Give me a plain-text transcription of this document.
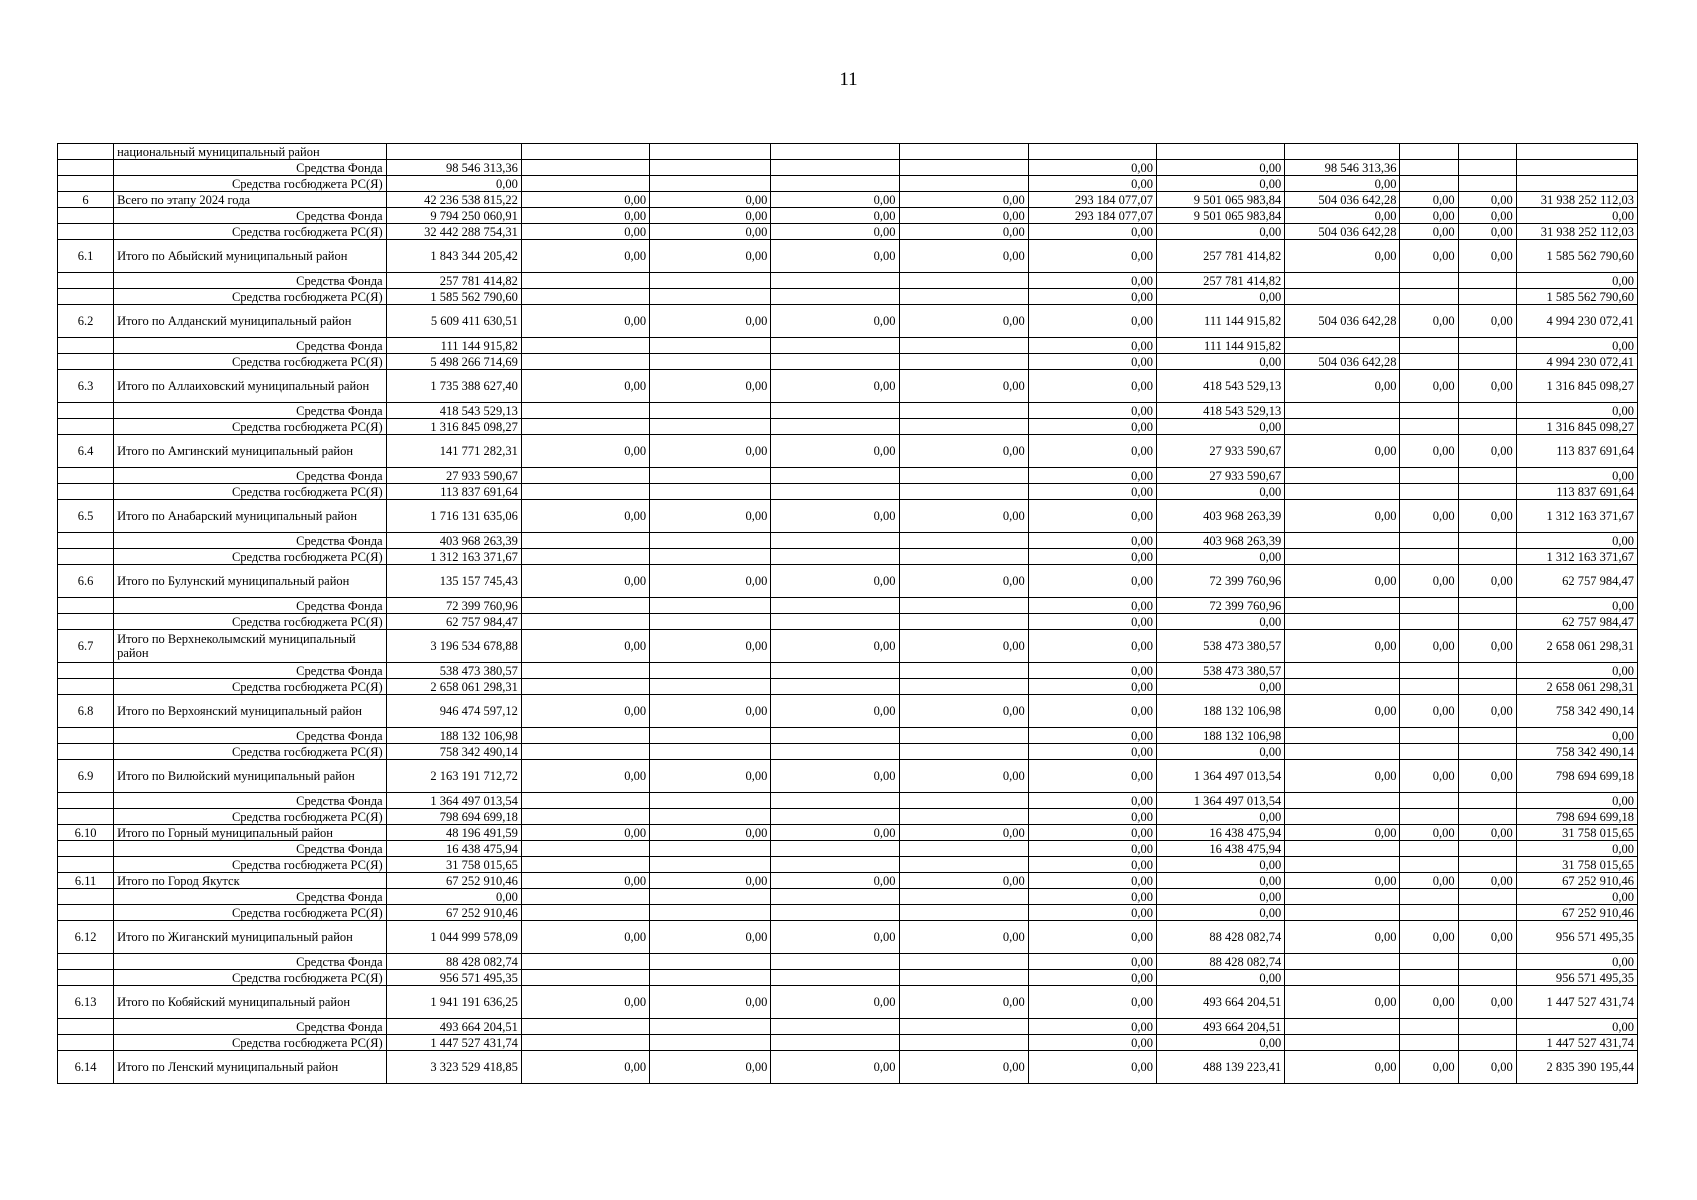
11
	национальный муниципальный район											
	Средства Фонда	98 546 313,36					0,00	0,00	98 546 313,36			
	Средства госбюджета РС(Я)	0,00					0,00	0,00	0,00			
6	Всего по этапу 2024 года	42 236 538 815,22	0,00	0,00	0,00	0,00	293 184 077,07	9 501 065 983,84	504 036 642,28	0,00	0,00	31 938 252 112,03
	Средства Фонда	9 794 250 060,91	0,00	0,00	0,00	0,00	293 184 077,07	9 501 065 983,84	0,00	0,00	0,00	0,00
	Средства госбюджета РС(Я)	32 442 288 754,31	0,00	0,00	0,00	0,00	0,00	0,00	504 036 642,28	0,00	0,00	31 938 252 112,03
6.1	Итого по Абыйский муниципальный район	1 843 344 205,42	0,00	0,00	0,00	0,00	0,00	257 781 414,82	0,00	0,00	0,00	1 585 562 790,60
	Средства Фонда	257 781 414,82					0,00	257 781 414,82				0,00
	Средства госбюджета РС(Я)	1 585 562 790,60					0,00	0,00				1 585 562 790,60
6.2	Итого по Алданский муниципальный район	5 609 411 630,51	0,00	0,00	0,00	0,00	0,00	111 144 915,82	504 036 642,28	0,00	0,00	4 994 230 072,41
	Средства Фонда	111 144 915,82					0,00	111 144 915,82				0,00
	Средства госбюджета РС(Я)	5 498 266 714,69					0,00	0,00	504 036 642,28			4 994 230 072,41
6.3	Итого по Аллаиховский муниципальный район	1 735 388 627,40	0,00	0,00	0,00	0,00	0,00	418 543 529,13	0,00	0,00	0,00	1 316 845 098,27
	Средства Фонда	418 543 529,13					0,00	418 543 529,13				0,00
	Средства госбюджета РС(Я)	1 316 845 098,27					0,00	0,00				1 316 845 098,27
6.4	Итого по Амгинский муниципальный район	141 771 282,31	0,00	0,00	0,00	0,00	0,00	27 933 590,67	0,00	0,00	0,00	113 837 691,64
	Средства Фонда	27 933 590,67					0,00	27 933 590,67				0,00
	Средства госбюджета РС(Я)	113 837 691,64					0,00	0,00				113 837 691,64
6.5	Итого по Анабарский муниципальный район	1 716 131 635,06	0,00	0,00	0,00	0,00	0,00	403 968 263,39	0,00	0,00	0,00	1 312 163 371,67
	Средства Фонда	403 968 263,39					0,00	403 968 263,39				0,00
	Средства госбюджета РС(Я)	1 312 163 371,67					0,00	0,00				1 312 163 371,67
6.6	Итого по Булунский муниципальный район	135 157 745,43	0,00	0,00	0,00	0,00	0,00	72 399 760,96	0,00	0,00	0,00	62 757 984,47
	Средства Фонда	72 399 760,96					0,00	72 399 760,96				0,00
	Средства госбюджета РС(Я)	62 757 984,47					0,00	0,00				62 757 984,47
6.7	Итого по Верхнеколымский муниципальный район	3 196 534 678,88	0,00	0,00	0,00	0,00	0,00	538 473 380,57	0,00	0,00	0,00	2 658 061 298,31
	Средства Фонда	538 473 380,57					0,00	538 473 380,57				0,00
	Средства госбюджета РС(Я)	2 658 061 298,31					0,00	0,00				2 658 061 298,31
6.8	Итого по Верхоянский муниципальный район	946 474 597,12	0,00	0,00	0,00	0,00	0,00	188 132 106,98	0,00	0,00	0,00	758 342 490,14
	Средства Фонда	188 132 106,98					0,00	188 132 106,98				0,00
	Средства госбюджета РС(Я)	758 342 490,14					0,00	0,00				758 342 490,14
6.9	Итого по Вилюйский муниципальный район	2 163 191 712,72	0,00	0,00	0,00	0,00	0,00	1 364 497 013,54	0,00	0,00	0,00	798 694 699,18
	Средства Фонда	1 364 497 013,54					0,00	1 364 497 013,54				0,00
	Средства госбюджета РС(Я)	798 694 699,18					0,00	0,00				798 694 699,18
6.10	Итого по Горный муниципальный район	48 196 491,59	0,00	0,00	0,00	0,00	0,00	16 438 475,94	0,00	0,00	0,00	31 758 015,65
	Средства Фонда	16 438 475,94					0,00	16 438 475,94				0,00
	Средства госбюджета РС(Я)	31 758 015,65					0,00	0,00				31 758 015,65
6.11	Итого по Город Якутск	67 252 910,46	0,00	0,00	0,00	0,00	0,00	0,00	0,00	0,00	0,00	67 252 910,46
	Средства Фонда	0,00					0,00	0,00				0,00
	Средства госбюджета РС(Я)	67 252 910,46					0,00	0,00				67 252 910,46
6.12	Итого по Жиганский муниципальный район	1 044 999 578,09	0,00	0,00	0,00	0,00	0,00	88 428 082,74	0,00	0,00	0,00	956 571 495,35
	Средства Фонда	88 428 082,74					0,00	88 428 082,74				0,00
	Средства госбюджета РС(Я)	956 571 495,35					0,00	0,00				956 571 495,35
6.13	Итого по Кобяйский муниципальный район	1 941 191 636,25	0,00	0,00	0,00	0,00	0,00	493 664 204,51	0,00	0,00	0,00	1 447 527 431,74
	Средства Фонда	493 664 204,51					0,00	493 664 204,51				0,00
	Средства госбюджета РС(Я)	1 447 527 431,74					0,00	0,00				1 447 527 431,74
6.14	Итого по Ленский муниципальный район	3 323 529 418,85	0,00	0,00	0,00	0,00	0,00	488 139 223,41	0,00	0,00	0,00	2 835 390 195,44
